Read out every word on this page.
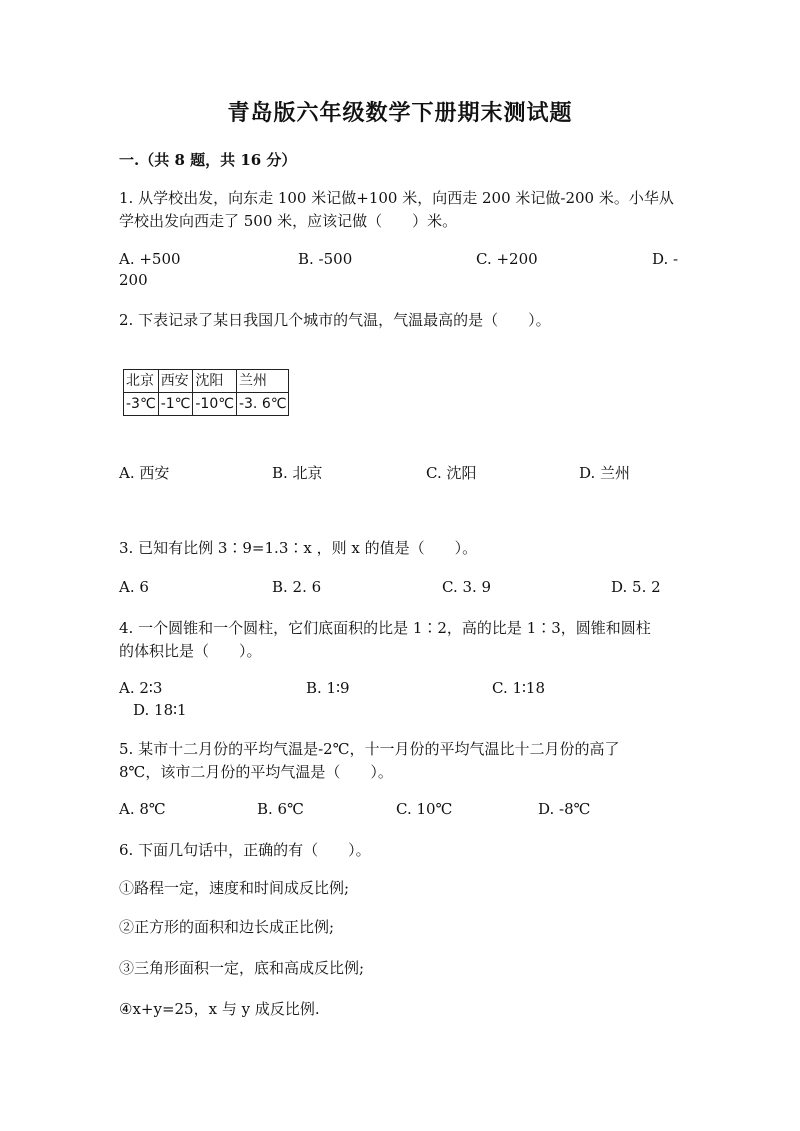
青岛版六年级数学下册期末测试题
一.（共 8 题，共 16 分）
1. 从学校出发，向东走 100 米记做+100 米，向西走 200 米记做-200 米。小华从
学校出发向西走了 500 米，应该记做（　　）米。
A. +500	B. -500	C. +200	D. -
200
2. 下表记录了某日我国几个城市的气温，气温最高的是（　　）。
北京	西安	沈阳	兰州
-3℃	-1℃	-10℃	-3. 6℃
A. 西安	B. 北京	C. 沈阳	D. 兰州
3. 已知有比例 3∶9=1.3∶x ，则 x 的值是（　　）。
A. 6	B. 2. 6	C. 3. 9	D. 5. 2
4. 一个圆锥和一个圆柱，它们底面积的比是 1∶2，高的比是 1∶3，圆锥和圆柱
的体积比是（　　）。
A. 2∶3	B. 1∶9	C. 1∶18
D. 18∶1
5. 某市十二月份的平均气温是-2℃，十一月份的平均气温比十二月份的高了
8℃，该市二月份的平均气温是（　　）。
A. 8℃	B. 6℃	C. 10℃	D. -8℃
6. 下面几句话中，正确的有（　　）。
①路程一定，速度和时间成反比例;
②正方形的面积和边长成正比例;
③三角形面积一定，底和高成反比例;
④x+y=25，x 与 y 成反比例.
